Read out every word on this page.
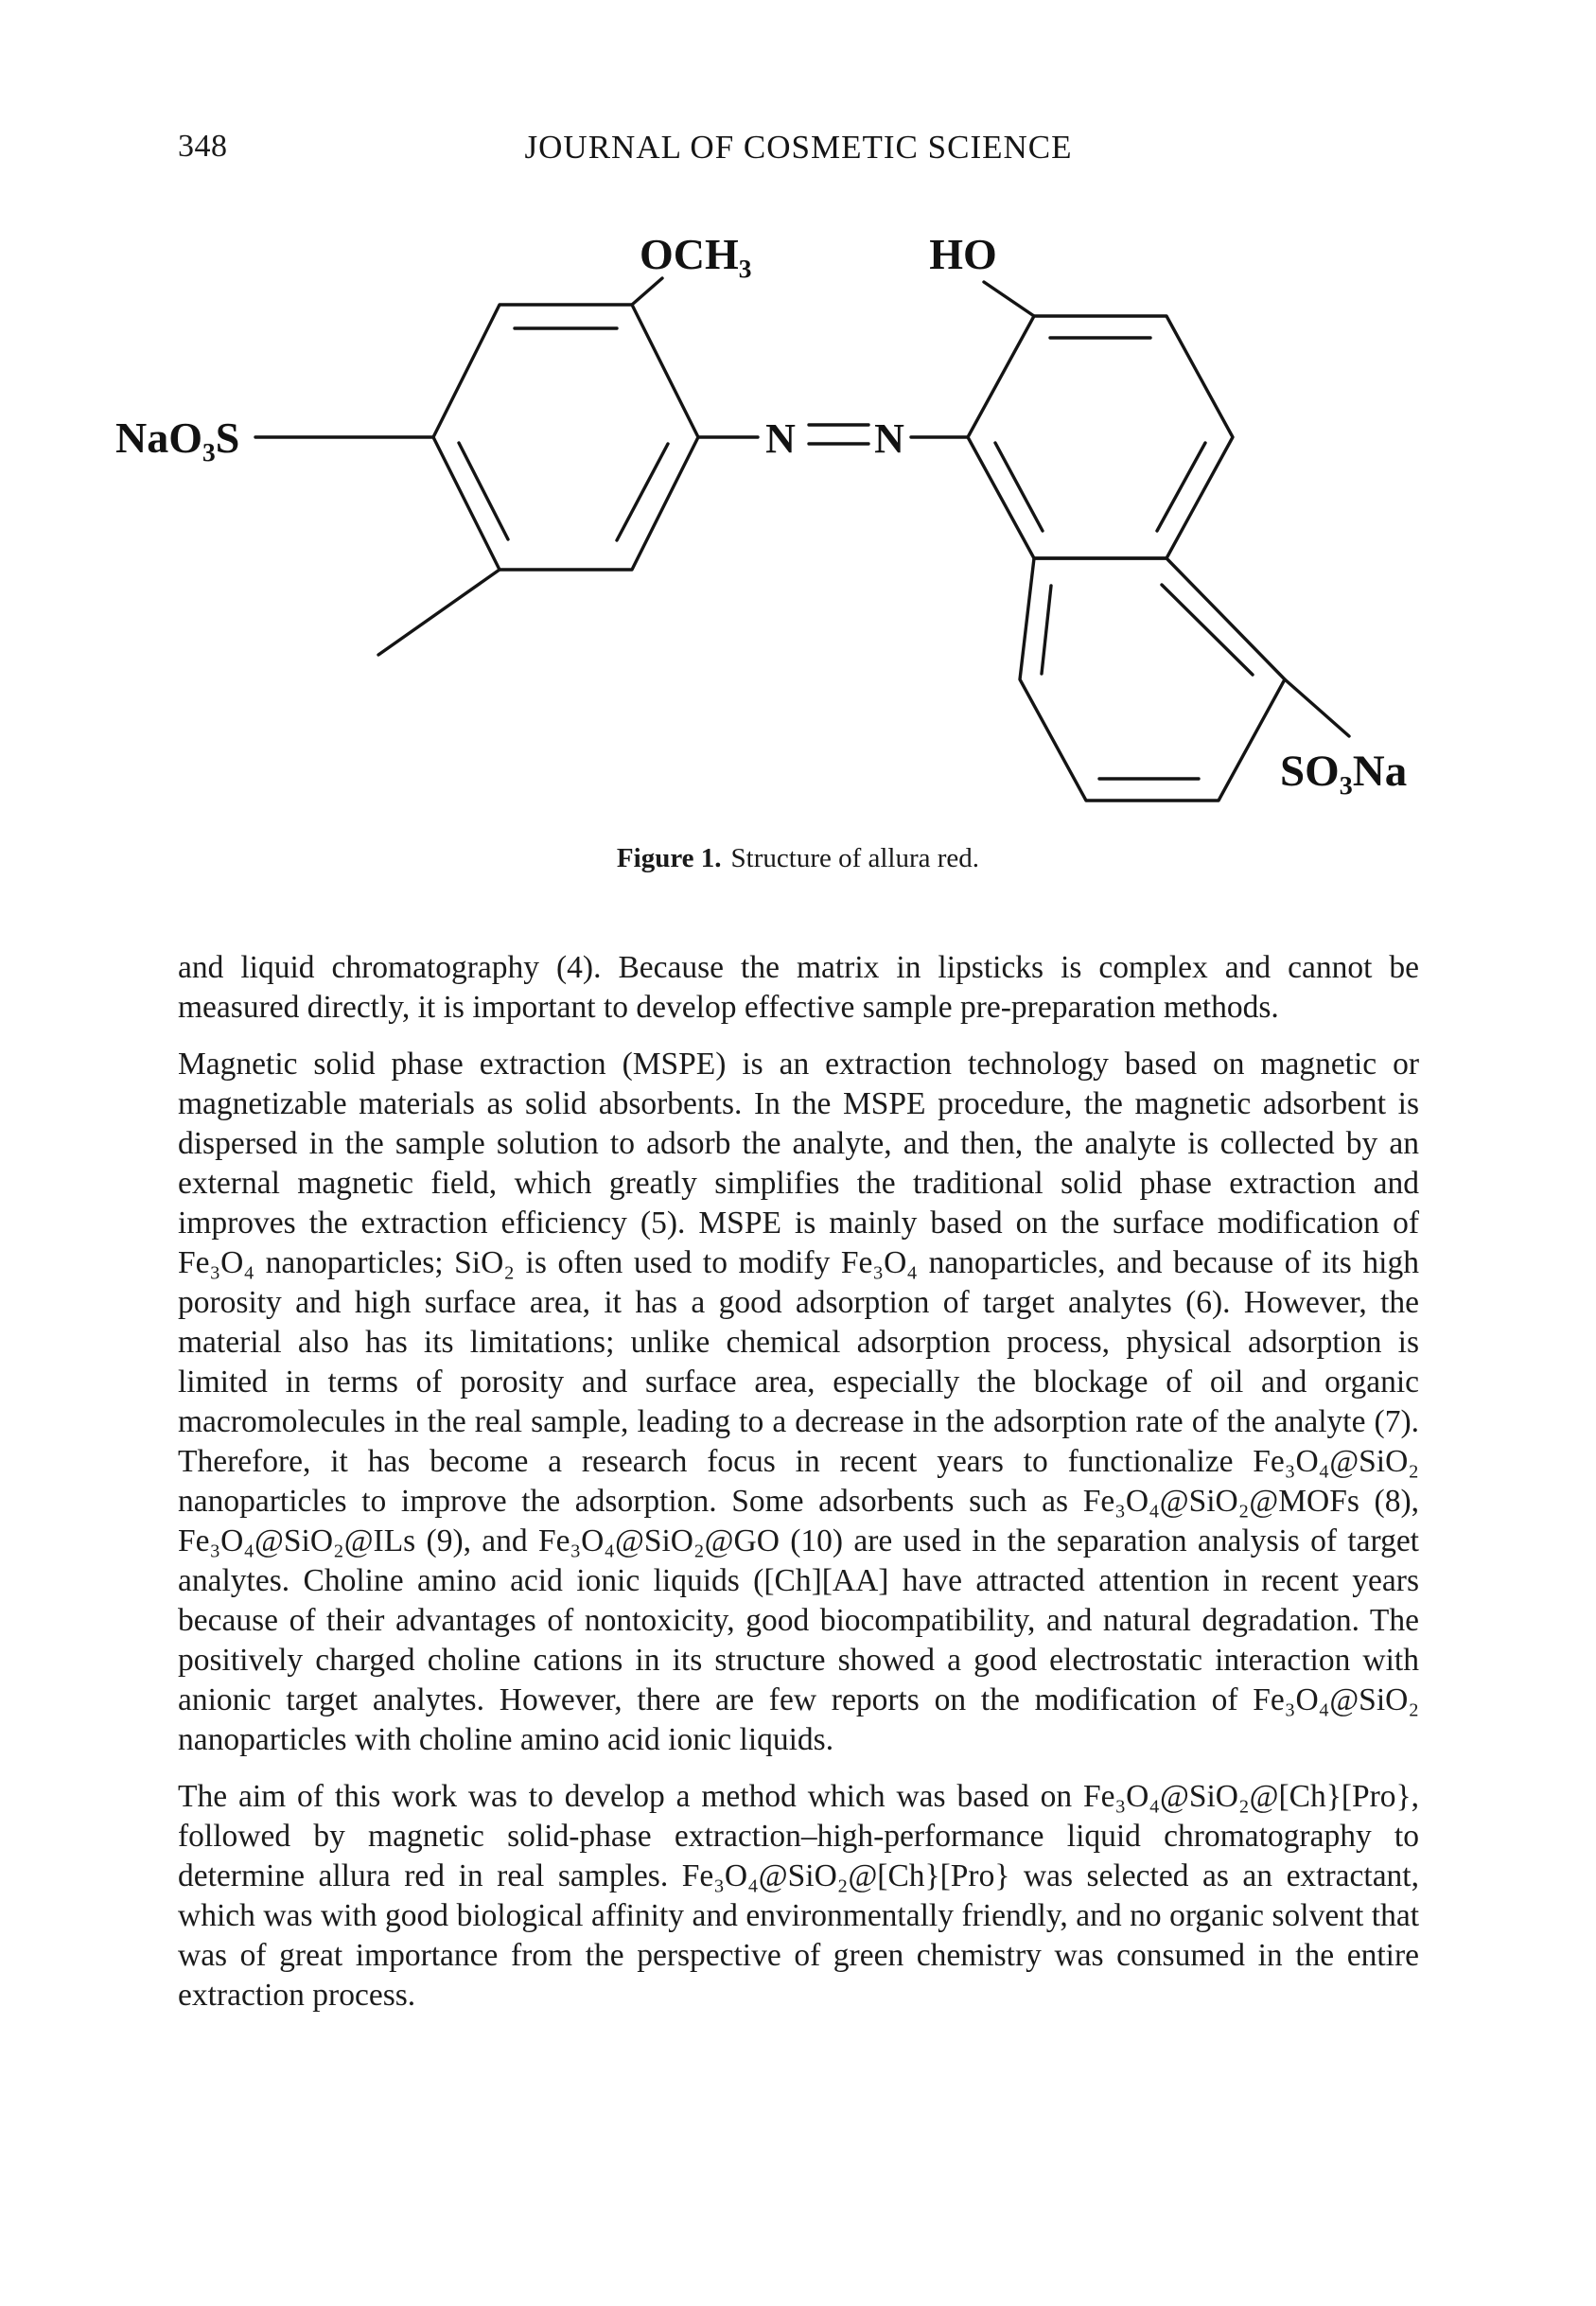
348	JOURNAL OF COSMETIC SCIENCE
NaO₃S
OCH₃
N N
HO
SO₃Na
Figure 1. Structure of allura red.

and liquid chromatography (4). Because the matrix in lipsticks is complex and cannot be measured directly, it is important to develop effective sample pre-preparation methods.

Magnetic solid phase extraction (MSPE) is an extraction technology based on magnetic or magnetizable materials as solid absorbents. In the MSPE procedure, the magnetic adsorbent is dispersed in the sample solution to adsorb the analyte, and then, the analyte is collected by an external magnetic field, which greatly simplifies the traditional solid phase extraction and improves the extraction efficiency (5). MSPE is mainly based on the surface modification of Fe₃O₄ nanoparticles; SiO₂ is often used to modify Fe₃O₄ nanoparticles, and because of its high porosity and high surface area, it has a good adsorption of target analytes (6). However, the material also has its limitations; unlike chemical adsorption process, physical adsorption is limited in terms of porosity and surface area, especially the blockage of oil and organic macromolecules in the real sample, leading to a decrease in the adsorption rate of the analyte (7). Therefore, it has become a research focus in recent years to functionalize Fe₃O₄@SiO₂ nanoparticles to improve the adsorption. Some adsorbents such as Fe₃O₄@SiO₂@MOFs (8), Fe₃O₄@SiO₂@ILs (9), and Fe₃O₄@SiO₂@GO (10) are used in the separation analysis of target analytes. Choline amino acid ionic liquids ([Ch][AA] have attracted attention in recent years because of their advantages of nontoxicity, good biocompatibility, and natural degradation. The positively charged choline cations in its structure showed a good electrostatic interaction with anionic target analytes. However, there are few reports on the modification of Fe₃O₄@SiO₂ nanoparticles with choline amino acid ionic liquids.

The aim of this work was to develop a method which was based on Fe₃O₄@SiO₂@[Ch}[Pro}, followed by magnetic solid-phase extraction–high-performance liquid chromatography to determine allura red in real samples. Fe₃O₄@SiO₂@[Ch}[Pro} was selected as an extractant, which was with good biological affinity and environmentally friendly, and no organic solvent that was of great importance from the perspective of green chemistry was consumed in the entire extraction process.
